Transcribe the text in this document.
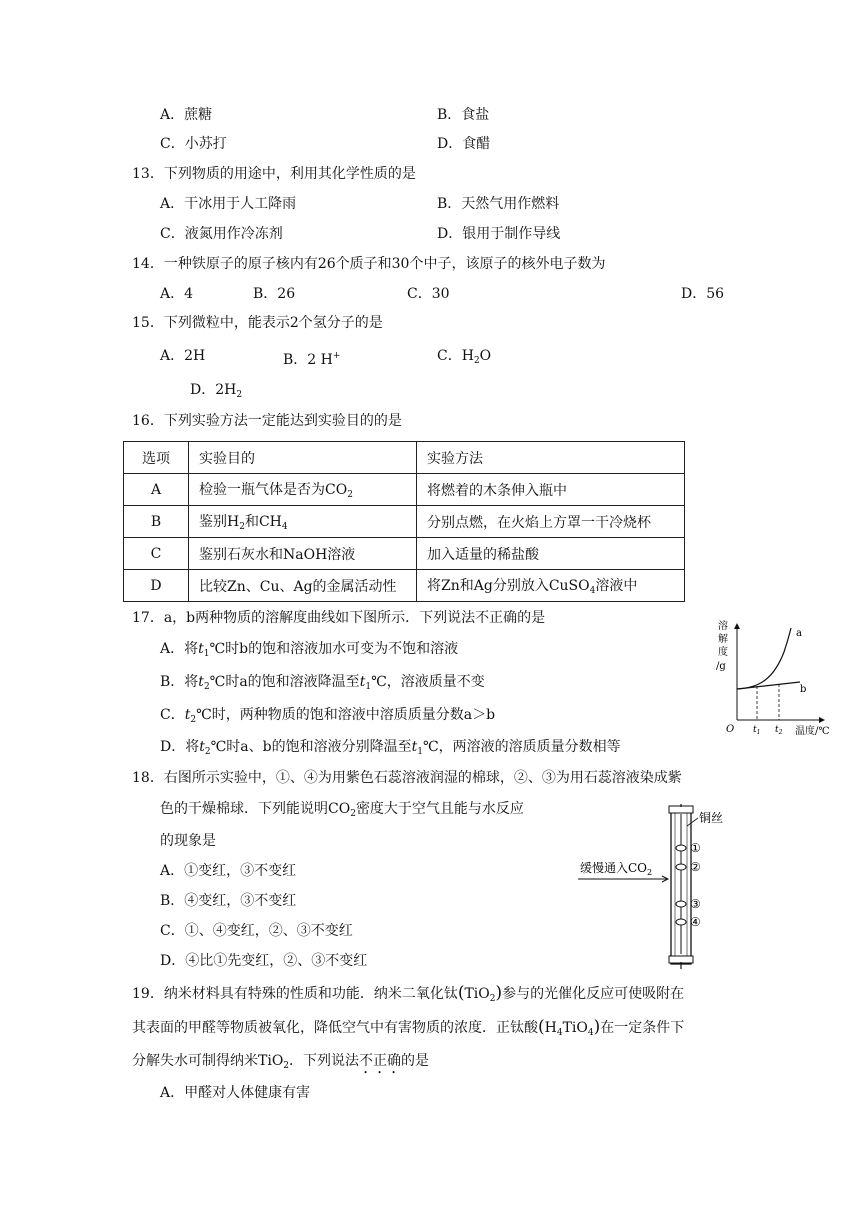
A．蔗糖	B．食盐
C．小苏打	D．食醋
13．下列物质的用途中，利用其化学性质的是
A．干冰用于人工降雨	B．天然气用作燃料
C．液氮用作冷冻剂	D．银用于制作导线
14．一种铁原子的原子核内有26个质子和30个中子，该原子的核外电子数为
A．4	B．26	C．30	D．56
15．下列微粒中，能表示2个氢分子的是
A．2H	B．2 H+	C．$H_2O$
D．$2H_2$
16．下列实验方法一定能达到实验目的的是
选项	实验目的	实验方法
A	检验一瓶气体是否为$CO_2$	将燃着的木条伸入瓶中
B	鉴别$H_2$和$CH_4$	分别点燃，在火焰上方罩一干冷烧杯
C	鉴别石灰水和NaOH溶液	加入适量的稀盐酸
D	比较Zn、Cu、Ag的金属活动性	将Zn和Ag分别放入CuSO$_4$溶液中
17．a，b两种物质的溶解度曲线如下图所示．下列说法不正确的是
A．将$t_1℃$时b的饱和溶液加水可变为不饱和溶液
B．将$t_2℃$时a的饱和溶液降温至$t_1℃$，溶液质量不变
C．$t_2℃$时，两种物质的饱和溶液中溶质质量分数a＞b
D．将$t_2℃$时a、b的饱和溶液分别降温至$t_1℃$，两溶液的溶质质量分数相等
溶
解
度
/g
a
b
O $t_1$ $t_2$ 温度/℃
18．右图所示实验中，①、④为用紫色石蕊溶液润湿的棉球，②、③为用石蕊溶液染成紫
色的干燥棉球．下列能说明$CO_2$密度大于空气且能与水反应
的现象是
A．①变红，③不变红
B．④变红，③不变红
C．①、④变红，②、③不变红
D．④比①先变红，②、③不变红
铜丝
①
②
③
④
缓慢通入$CO_2$
19．纳米材料具有特殊的性质和功能．纳米二氧化钛(TiO$_2$)参与的光催化反应可使吸附在
其表面的甲醛等物质被氧化，降低空气中有害物质的浓度．正钛酸$(H_4TiO_4)$在一定条件下
分解失水可制得纳米TiO$_2$．下列说法不正确的是
A．甲醛对人体健康有害
